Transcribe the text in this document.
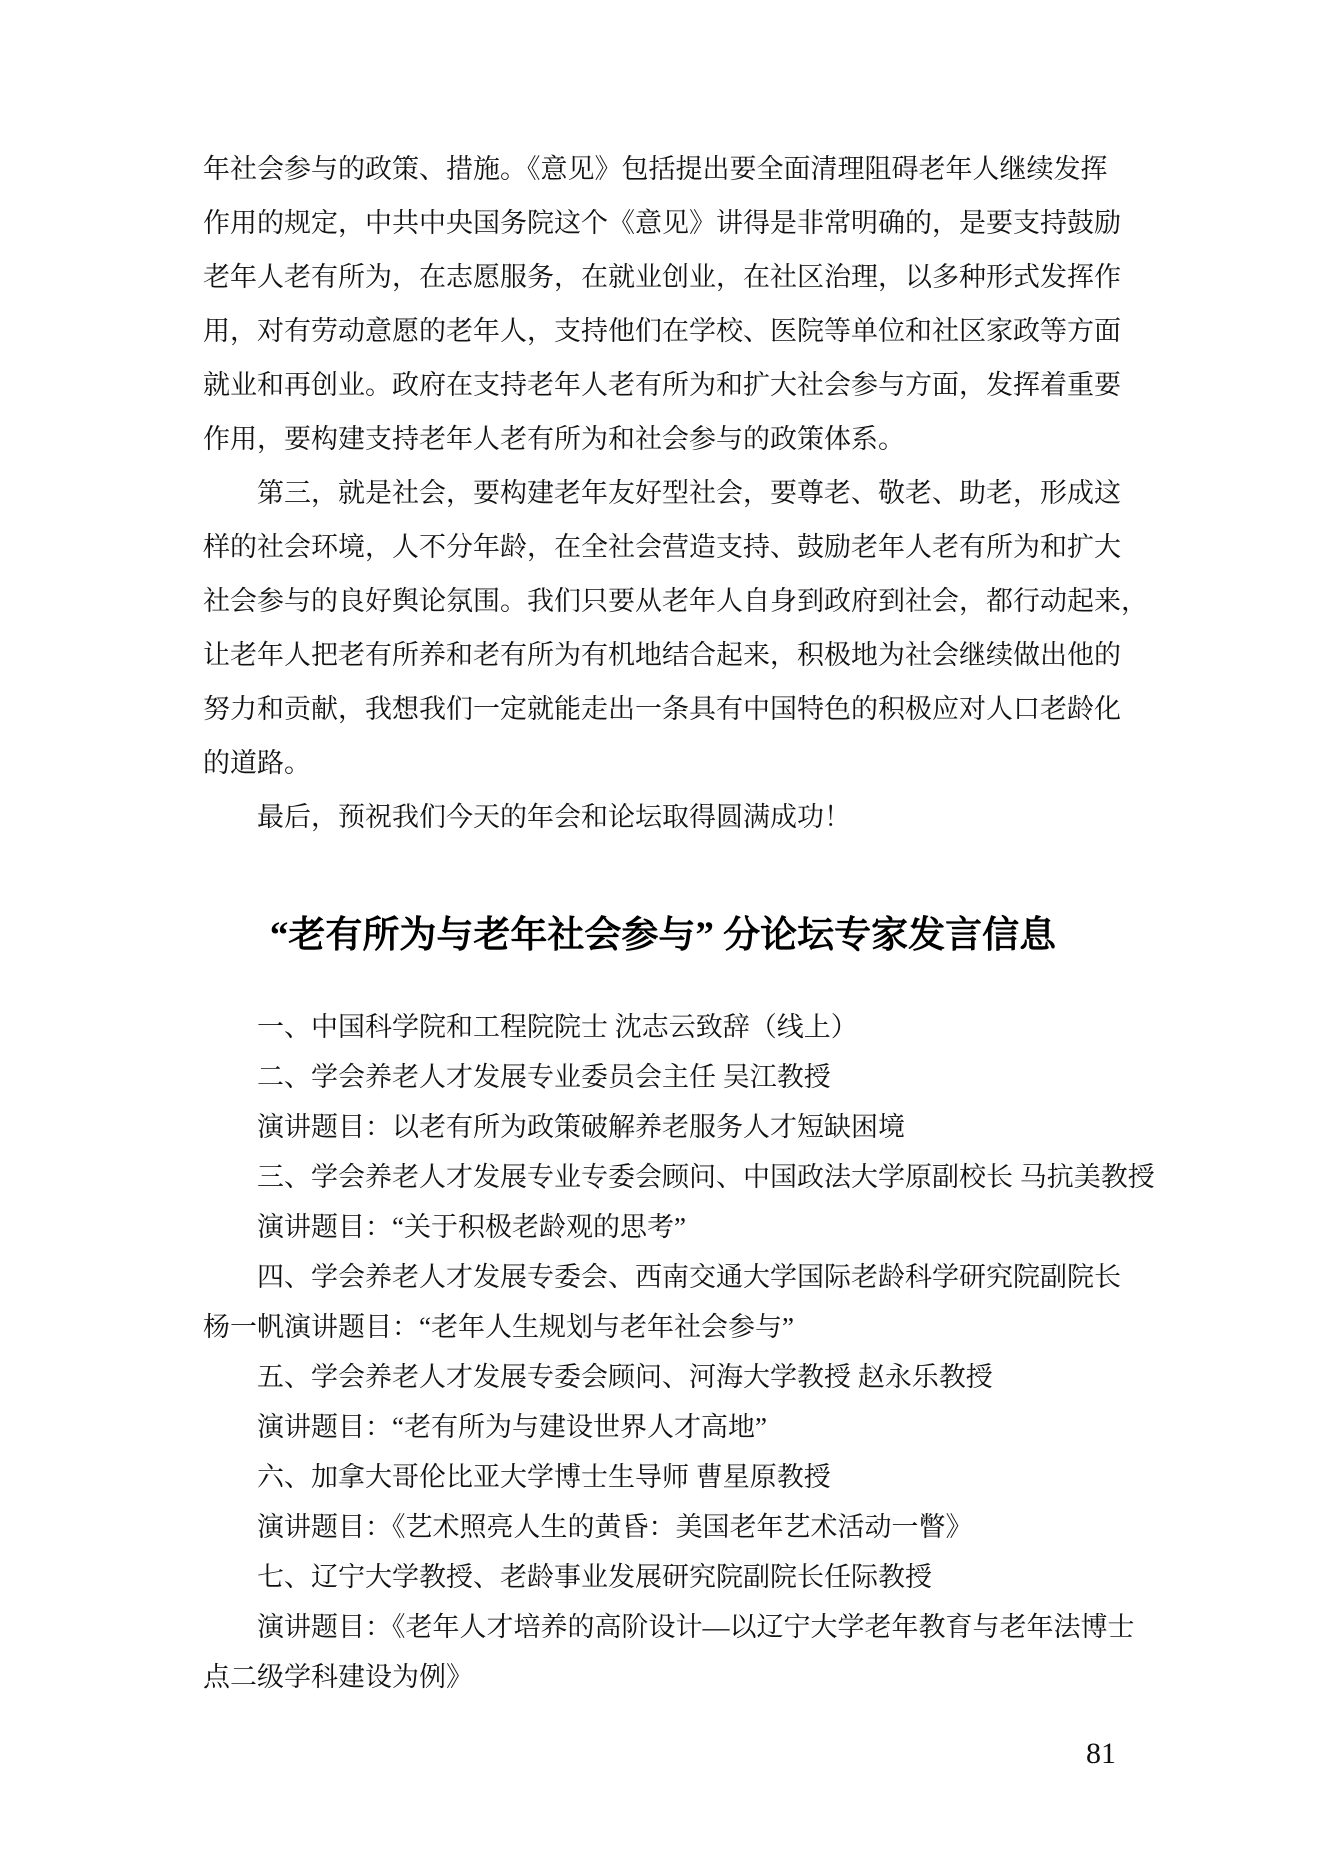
年社会参与的政策、措施。《意见》包括提出要全面清理阻碍老年人继续发挥
作用的规定，中共中央国务院这个《意见》讲得是非常明确的，是要支持鼓励
老年人老有所为，在志愿服务，在就业创业，在社区治理，以多种形式发挥作
用，对有劳动意愿的老年人，支持他们在学校、医院等单位和社区家政等方面
就业和再创业。政府在支持老年人老有所为和扩大社会参与方面，发挥着重要
作用，要构建支持老年人老有所为和社会参与的政策体系。
　　第三，就是社会，要构建老年友好型社会，要尊老、敬老、助老，形成这
样的社会环境，人不分年龄，在全社会营造支持、鼓励老年人老有所为和扩大
社会参与的良好舆论氛围。我们只要从老年人自身到政府到社会，都行动起来，
让老年人把老有所养和老有所为有机地结合起来，积极地为社会继续做出他的
努力和贡献，我想我们一定就能走出一条具有中国特色的积极应对人口老龄化
的道路。
　　最后，预祝我们今天的年会和论坛取得圆满成功！
“老有所为与老年社会参与” 分论坛专家发言信息
　　一、中国科学院和工程院院士 沈志云致辞（线上）
　　二、学会养老人才发展专业委员会主任 吴江教授
　　演讲题目：以老有所为政策破解养老服务人才短缺困境
　　三、学会养老人才发展专业专委会顾问、中国政法大学原副校长 马抗美教授
　　演讲题目：“关于积极老龄观的思考”
　　四、学会养老人才发展专委会、西南交通大学国际老龄科学研究院副院长
杨一帆演讲题目：“老年人生规划与老年社会参与”
　　五、学会养老人才发展专委会顾问、河海大学教授 赵永乐教授
　　演讲题目：“老有所为与建设世界人才高地”
　　六、加拿大哥伦比亚大学博士生导师 曹星原教授
　　演讲题目：《艺术照亮人生的黄昏：美国老年艺术活动一瞥》
　　七、辽宁大学教授、老龄事业发展研究院副院长任际教授
　　演讲题目：《老年人才培养的高阶设计—以辽宁大学老年教育与老年法博士
点二级学科建设为例》
81
